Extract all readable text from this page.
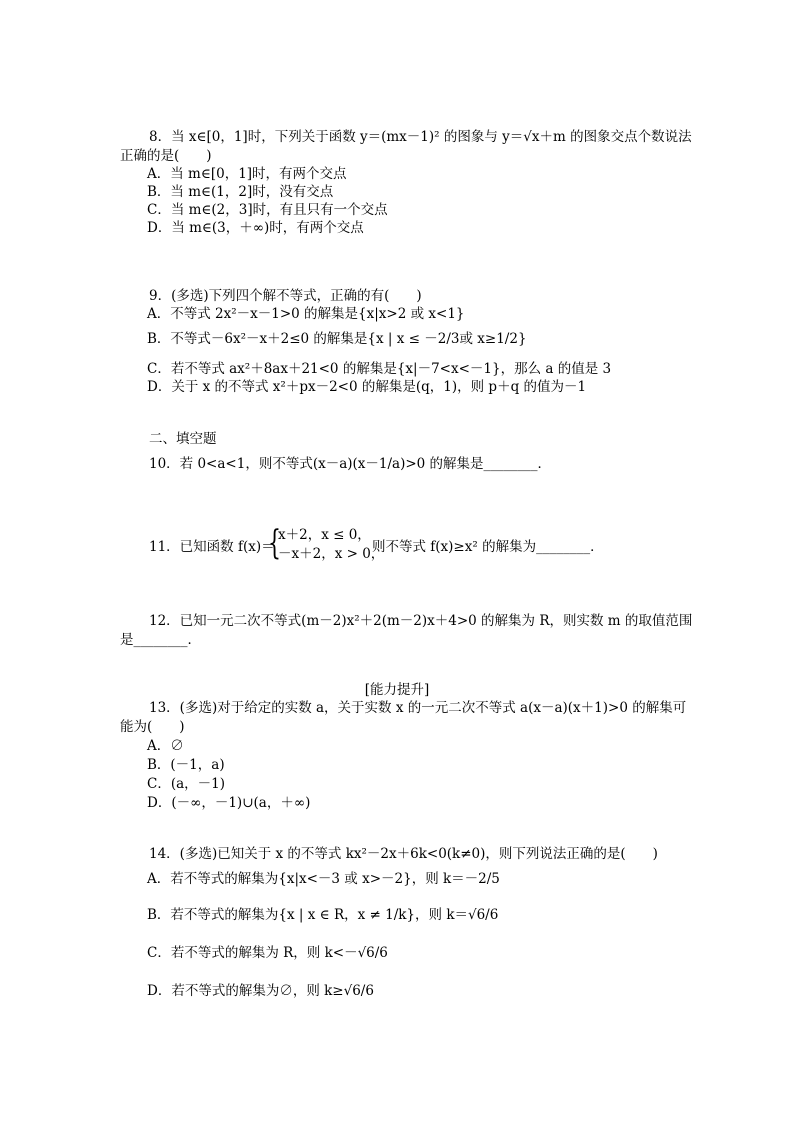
8．当 x∈[0，1]时，下列关于函数 y＝(mx－1)² 的图象与 y＝√x＋m 的图象交点个数说法
正确的是(　　)
A．当 m∈[0，1]时，有两个交点
B．当 m∈(1，2]时，没有交点
C．当 m∈(2，3]时，有且只有一个交点
D．当 m∈(3，＋∞)时，有两个交点
9．(多选)下列四个解不等式，正确的有(　　)
A．不等式 2x²－x－1>0 的解集是{x|x>2 或 x<1}
B．不等式－6x²－x＋2≤0 的解集是{x | x ≤ －2/3或 x≥1/2}
C．若不等式 ax²＋8ax＋21<0 的解集是{x|－7<x<－1}，那么 a 的值是 3
D．关于 x 的不等式 x²＋px－2<0 的解集是(q，1)，则 p＋q 的值为－1
二、填空题
10．若 0<a<1，则不等式(x－a)(x－1/a)>0 的解集是________．
11．已知函数 f(x)＝
{
x＋2，x ≤ 0，
－x＋2，x > 0，
则不等式 f(x)≥x² 的解集为________．
12．已知一元二次不等式(m－2)x²＋2(m－2)x＋4>0 的解集为 R，则实数 m 的取值范围
是________．
[能力提升]
13．(多选)对于给定的实数 a，关于实数 x 的一元二次不等式 a(x－a)(x＋1)>0 的解集可
能为(　　)
A．∅
B．(－1，a)
C．(a，－1)
D．(－∞，－1)∪(a，＋∞)
14．(多选)已知关于 x 的不等式 kx²－2x＋6k<0(k≠0)，则下列说法正确的是(　　)
A．若不等式的解集为{x|x<－3 或 x>－2}，则 k＝－2/5
B．若不等式的解集为{x | x ∈ R，x ≠ 1/k}，则 k＝√6/6
C．若不等式的解集为 R，则 k<－√6/6
D．若不等式的解集为∅，则 k≥√6/6
